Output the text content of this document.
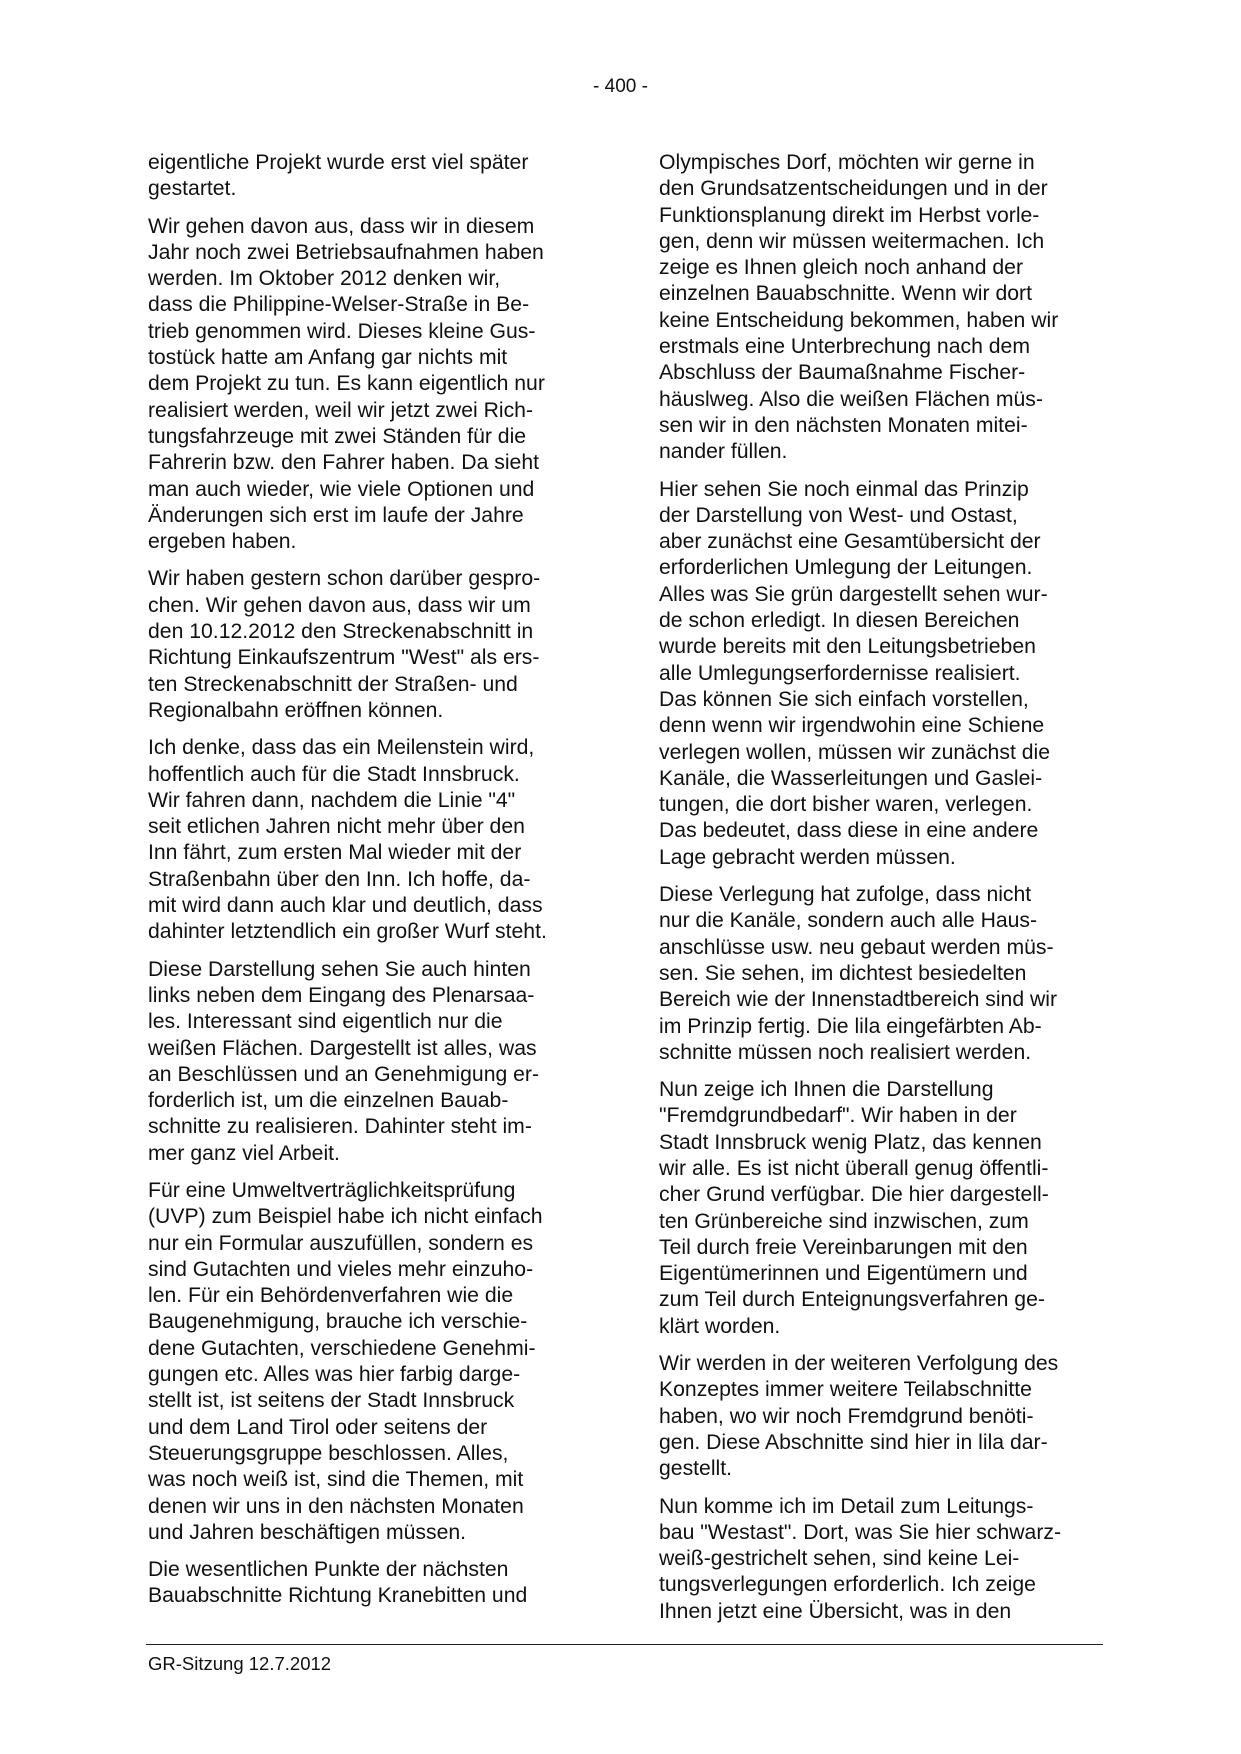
- 400 -

eigentliche Projekt wurde erst viel später
gestartet.

Wir gehen davon aus, dass wir in diesem
Jahr noch zwei Betriebsaufnahmen haben
werden. Im Oktober 2012 denken wir,
dass die Philippine-Welser-Straße in Be-
trieb genommen wird. Dieses kleine Gus-
tostück hatte am Anfang gar nichts mit
dem Projekt zu tun. Es kann eigentlich nur
realisiert werden, weil wir jetzt zwei Rich-
tungsfahrzeuge mit zwei Ständen für die
Fahrerin bzw. den Fahrer haben. Da sieht
man auch wieder, wie viele Optionen und
Änderungen sich erst im laufe der Jahre
ergeben haben.

Wir haben gestern schon darüber gespro-
chen. Wir gehen davon aus, dass wir um
den 10.12.2012 den Streckenabschnitt in
Richtung Einkaufszentrum "West" als ers-
ten Streckenabschnitt der Straßen- und
Regionalbahn eröffnen können.

Ich denke, dass das ein Meilenstein wird,
hoffentlich auch für die Stadt Innsbruck.
Wir fahren dann, nachdem die Linie "4"
seit etlichen Jahren nicht mehr über den
Inn fährt, zum ersten Mal wieder mit der
Straßenbahn über den Inn. Ich hoffe, da-
mit wird dann auch klar und deutlich, dass
dahinter letztendlich ein großer Wurf steht.

Diese Darstellung sehen Sie auch hinten
links neben dem Eingang des Plenarsaa-
les. Interessant sind eigentlich nur die
weißen Flächen. Dargestellt ist alles, was
an Beschlüssen und an Genehmigung er-
forderlich ist, um die einzelnen Bauab-
schnitte zu realisieren. Dahinter steht im-
mer ganz viel Arbeit.

Für eine Umweltverträglichkeitsprüfung
(UVP) zum Beispiel habe ich nicht einfach
nur ein Formular auszufüllen, sondern es
sind Gutachten und vieles mehr einzuho-
len. Für ein Behördenverfahren wie die
Baugenehmigung, brauche ich verschie-
dene Gutachten, verschiedene Genehmi-
gungen etc. Alles was hier farbig darge-
stellt ist, ist seitens der Stadt Innsbruck
und dem Land Tirol oder seitens der
Steuerungsgruppe beschlossen. Alles,
was noch weiß ist, sind die Themen, mit
denen wir uns in den nächsten Monaten
und Jahren beschäftigen müssen.

Die wesentlichen Punkte der nächsten
Bauabschnitte Richtung Kranebitten und

Olympisches Dorf, möchten wir gerne in
den Grundsatzentscheidungen und in der
Funktionsplanung direkt im Herbst vorle-
gen, denn wir müssen weitermachen. Ich
zeige es Ihnen gleich noch anhand der
einzelnen Bauabschnitte. Wenn wir dort
keine Entscheidung bekommen, haben wir
erstmals eine Unterbrechung nach dem
Abschluss der Baumaßnahme Fischer-
häuslweg. Also die weißen Flächen müs-
sen wir in den nächsten Monaten mitei-
nander füllen.

Hier sehen Sie noch einmal das Prinzip
der Darstellung von West- und Ostast,
aber zunächst eine Gesamtübersicht der
erforderlichen Umlegung der Leitungen.
Alles was Sie grün dargestellt sehen wur-
de schon erledigt. In diesen Bereichen
wurde bereits mit den Leitungsbetrieben
alle Umlegungserfordernisse realisiert.
Das können Sie sich einfach vorstellen,
denn wenn wir irgendwohin eine Schiene
verlegen wollen, müssen wir zunächst die
Kanäle, die Wasserleitungen und Gaslei-
tungen, die dort bisher waren, verlegen.
Das bedeutet, dass diese in eine andere
Lage gebracht werden müssen.

Diese Verlegung hat zufolge, dass nicht
nur die Kanäle, sondern auch alle Haus-
anschlüsse usw. neu gebaut werden müs-
sen. Sie sehen, im dichtest besiedelten
Bereich wie der Innenstadtbereich sind wir
im Prinzip fertig. Die lila eingefärbten Ab-
schnitte müssen noch realisiert werden.

Nun zeige ich Ihnen die Darstellung
"Fremdgrundbedarf". Wir haben in der
Stadt Innsbruck wenig Platz, das kennen
wir alle. Es ist nicht überall genug öffentli-
cher Grund verfügbar. Die hier dargestell-
ten Grünbereiche sind inzwischen, zum
Teil durch freie Vereinbarungen mit den
Eigentümerinnen und Eigentümern und
zum Teil durch Enteignungsverfahren ge-
klärt worden.

Wir werden in der weiteren Verfolgung des
Konzeptes immer weitere Teilabschnitte
haben, wo wir noch Fremdgrund benöti-
gen. Diese Abschnitte sind hier in lila dar-
gestellt.

Nun komme ich im Detail zum Leitungs-
bau "Westast". Dort, was Sie hier schwarz-
weiß-gestrichelt sehen, sind keine Lei-
tungsverlegungen erforderlich. Ich zeige
Ihnen jetzt eine Übersicht, was in den

GR-Sitzung 12.7.2012
